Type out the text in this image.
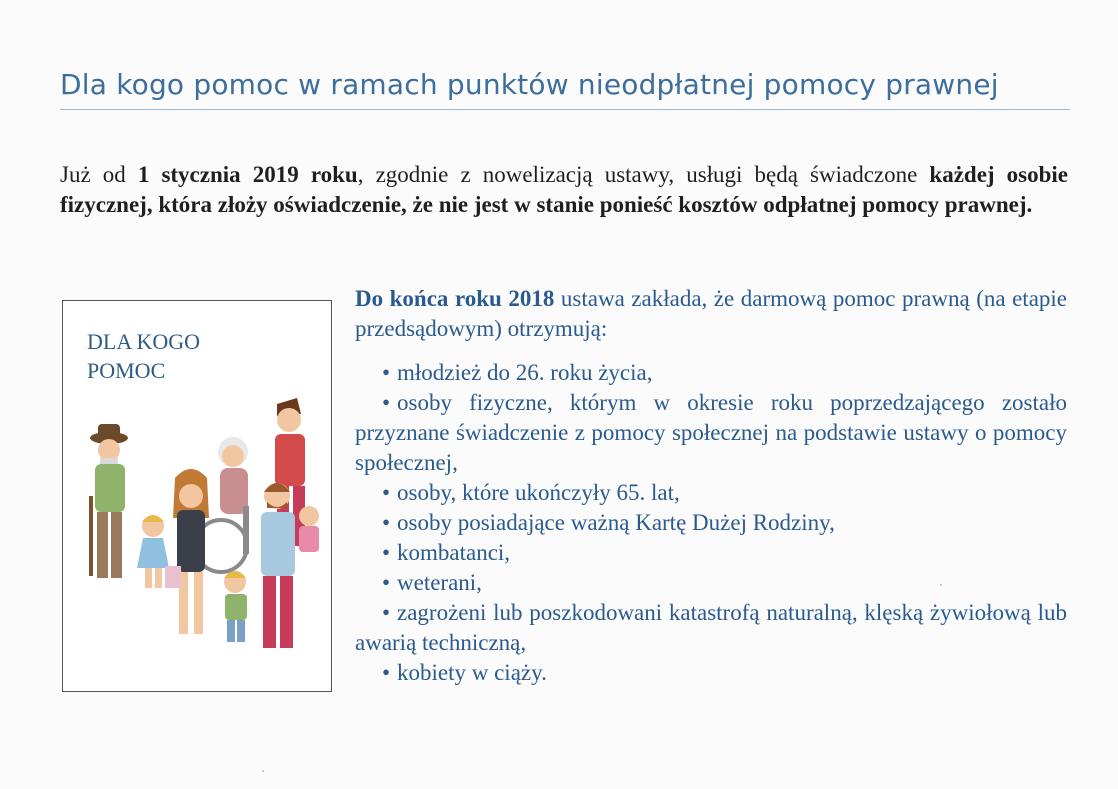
Dla kogo pomoc w ramach punktów nieodpłatnej pomocy prawnej
Już od 1 stycznia 2019 roku, zgodnie z nowelizacją ustawy, usługi będą świadczone każdej osobie fizycznej, która złoży oświadczenie, że nie jest w stanie ponieść kosztów odpłatnej pomocy prawnej.
DLA KOGO
POMOC

Do końca roku 2018 ustawa zakłada, że darmową pomoc prawną (na etapie przedsądowym) otrzymują:

• młodzież do 26. roku życia,
• osoby fizyczne, którym w okresie roku poprzedzającego zostało przyznane świadczenie z pomocy społecznej na podstawie ustawy o pomocy społecznej,
• osoby, które ukończyły 65. lat,
• osoby posiadające ważną Kartę Dużej Rodziny,
• kombatanci,
• weterani,
• zagrożeni lub poszkodowani katastrofą naturalną, klęską żywiołową lub awarią techniczną,
• kobiety w ciąży.
